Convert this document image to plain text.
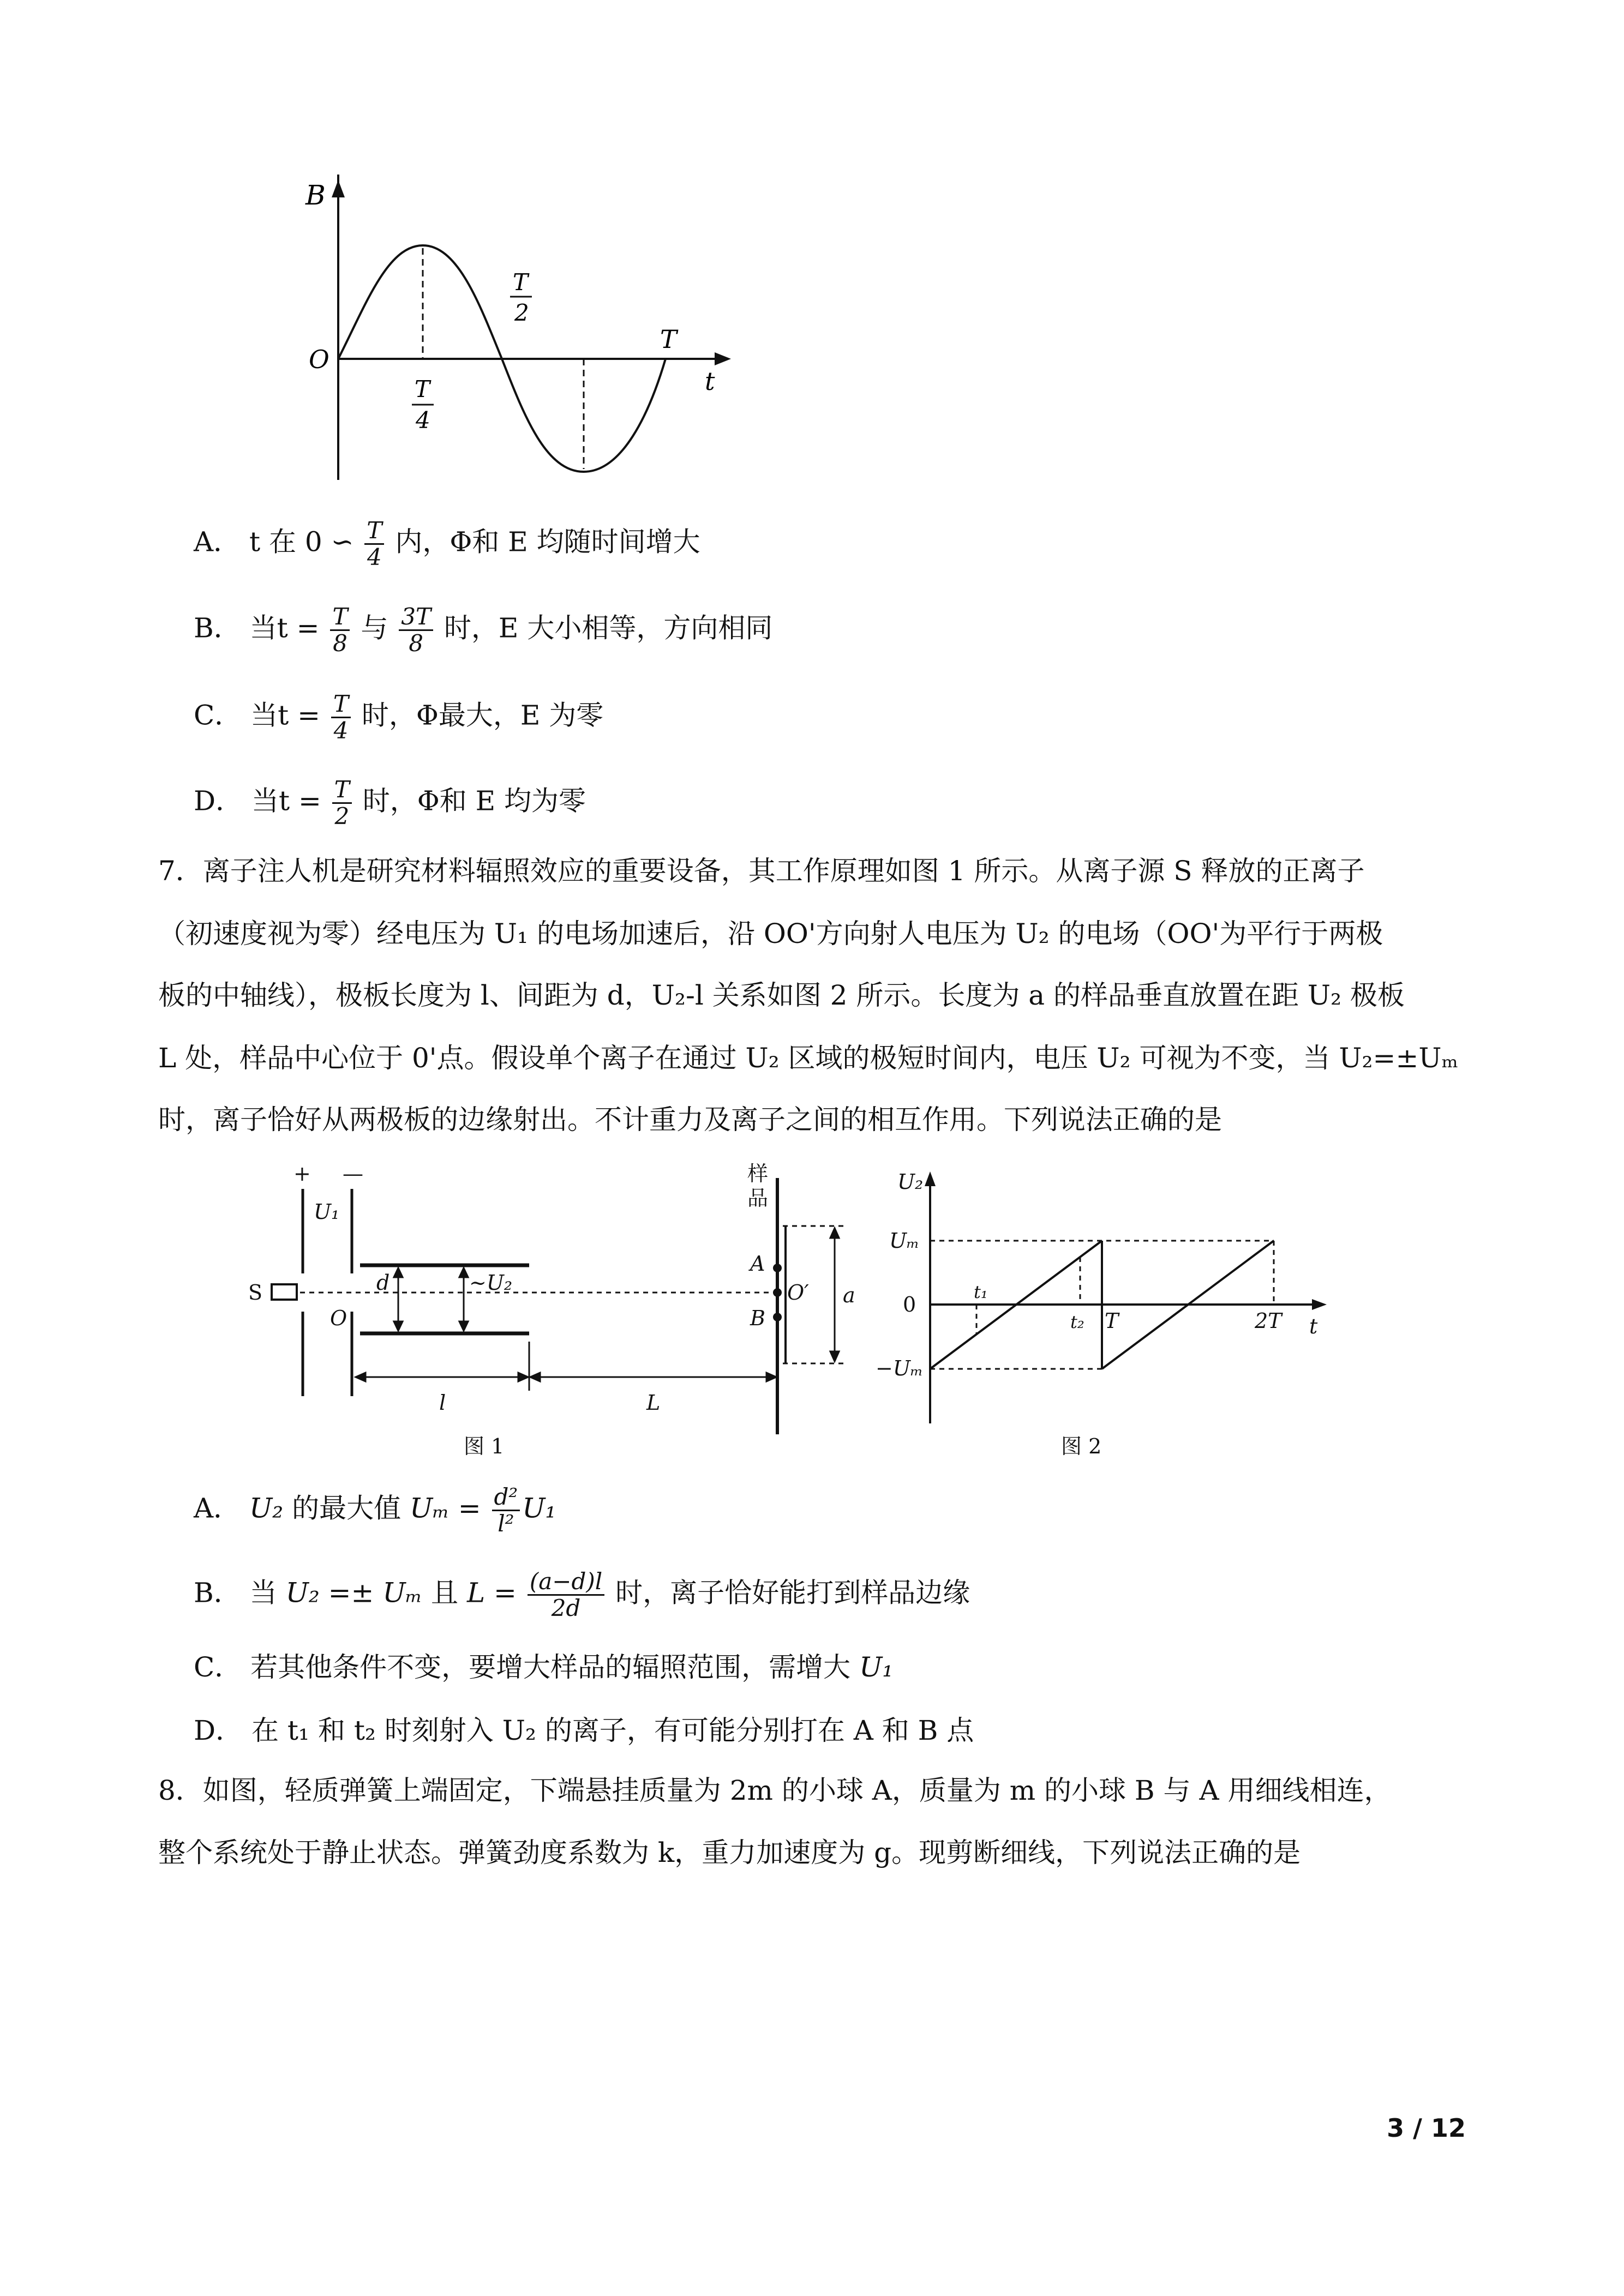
B
O
t
T
2
T
4
T
A． t 在 0 ∽ $\frac{T}{4}$ 内，Φ和 E 均随时间增大
B． 当$t = \frac{T}{8}$ 与 $\frac{3T}{8}$ 时，E 大小相等，方向相同
C． 当$t = \frac{T}{4}$ 时，Φ最大，E 为零
D． 当$t = \frac{T}{2}$ 时，Φ和 E 均为零
7．离子注人机是研究材料辐照效应的重要设备，其工作原理如图 1 所示。从离子源 S 释放的正离子
（初速度视为零）经电压为 U₁ 的电场加速后，沿 OO'方向射人电压为 U₂ 的电场（OO'为平行于两极
板的中轴线），极板长度为 l、间距为 d，U₂-l 关系如图 2 所示。长度为 a 的样品垂直放置在距 U₂ 极板
L 处，样品中心位于 0'点。假设单个离子在通过 U₂ 区域的极短时间内，电压 U₂ 可视为不变，当 U₂=±Uₘ
时，离子恰好从两极板的边缘射出。不计重力及离子之间的相互作用。下列说法正确的是
+ —
U₁
S
O
d	~U₂
l	L
样
品
a
A
B
O′
图 1
U₂
Uₘ
0
−Uₘ
t₁
t₂ T	2T t
图 2
A． U₂ 的最大值 $U_m = \frac{\text{d²}}{\text{l²}} U_1$
B． 当 U₂ =± Uₘ 且 $L = \frac{(a-d)l}{2d}$ 时，离子恰好能打到样品边缘
C． 若其他条件不变，要增大样品的辐照范围，需增大 U₁
D． 在 t₁ 和 t₂ 时刻射入 U₂ 的离子，有可能分别打在 A 和 B 点
8．如图，轻质弹簧上端固定，下端悬挂质量为 2m 的小球 A，质量为 m 的小球 B 与 A 用细线相连，
整个系统处于静止状态。弹簧劲度系数为 k，重力加速度为 g。现剪断细线，下列说法正确的是
3 / 12
